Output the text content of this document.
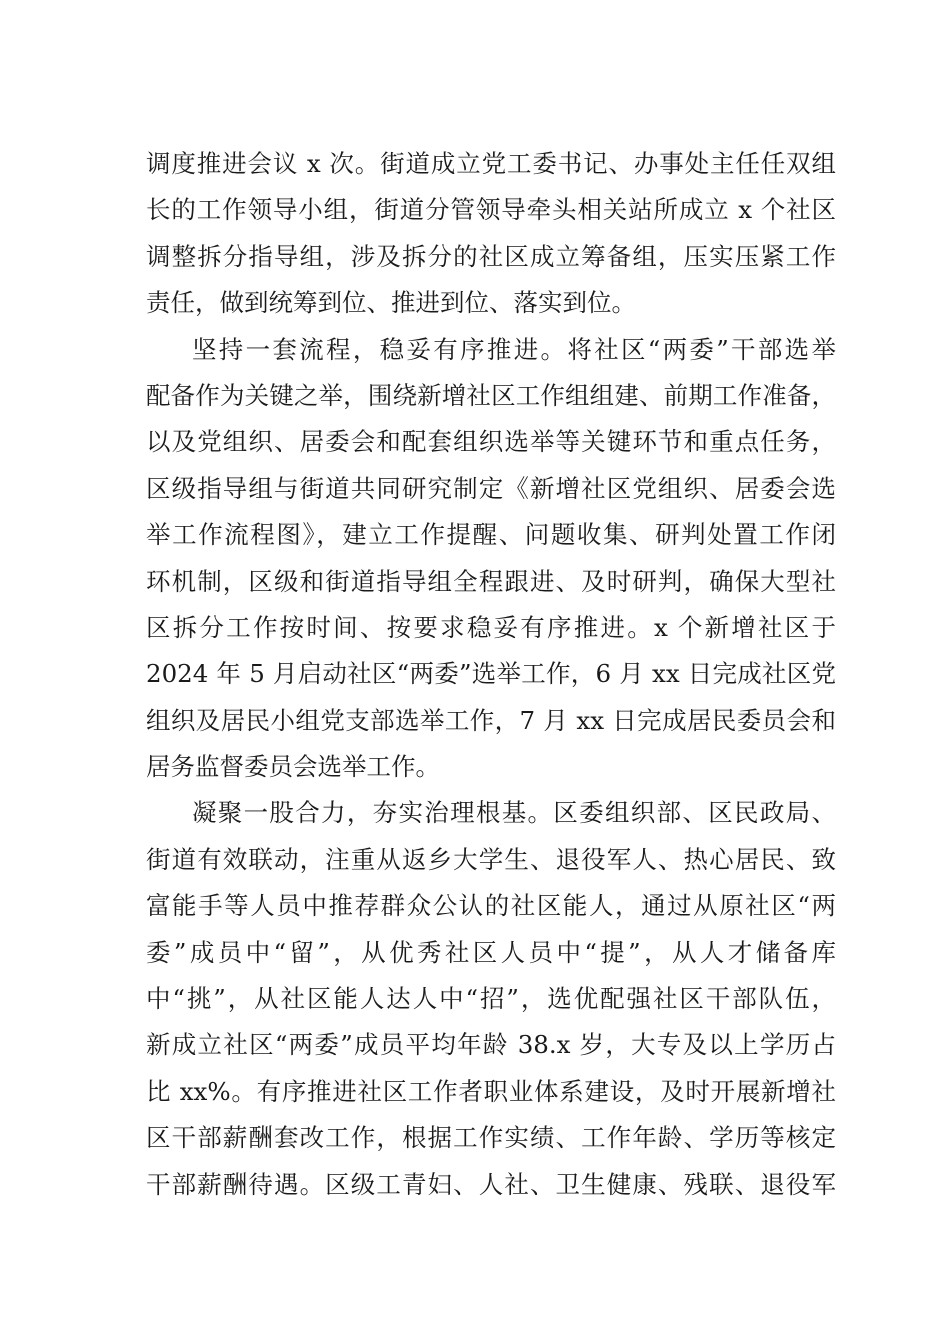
调度推进会议 x 次。街道成立党工委书记、办事处主任任双组
长的工作领导小组，街道分管领导牵头相关站所成立 x 个社区
调整拆分指导组，涉及拆分的社区成立筹备组，压实压紧工作
责任，做到统筹到位、推进到位、落实到位。
坚持一套流程，稳妥有序推进。将社区“两委”干部选举
配备作为关键之举，围绕新增社区工作组组建、前期工作准备，
以及党组织、居委会和配套组织选举等关键环节和重点任务，
区级指导组与街道共同研究制定《新增社区党组织、居委会选
举工作流程图》，建立工作提醒、问题收集、研判处置工作闭
环机制，区级和街道指导组全程跟进、及时研判，确保大型社
区拆分工作按时间、按要求稳妥有序推进。x 个新增社区于
2024 年 5 月启动社区“两委”选举工作，6 月 xx 日完成社区党
组织及居民小组党支部选举工作，7 月 xx 日完成居民委员会和
居务监督委员会选举工作。
凝聚一股合力，夯实治理根基。区委组织部、区民政局、
街道有效联动，注重从返乡大学生、退役军人、热心居民、致
富能手等人员中推荐群众公认的社区能人，通过从原社区“两
委”成员中“留”，从优秀社区人员中“提”，从人才储备库
中“挑”，从社区能人达人中“招”，选优配强社区干部队伍，
新成立社区“两委”成员平均年龄 38.x 岁，大专及以上学历占
比 xx%。有序推进社区工作者职业体系建设，及时开展新增社
区干部薪酬套改工作，根据工作实绩、工作年龄、学历等核定
干部薪酬待遇。区级工青妇、人社、卫生健康、残联、退役军
